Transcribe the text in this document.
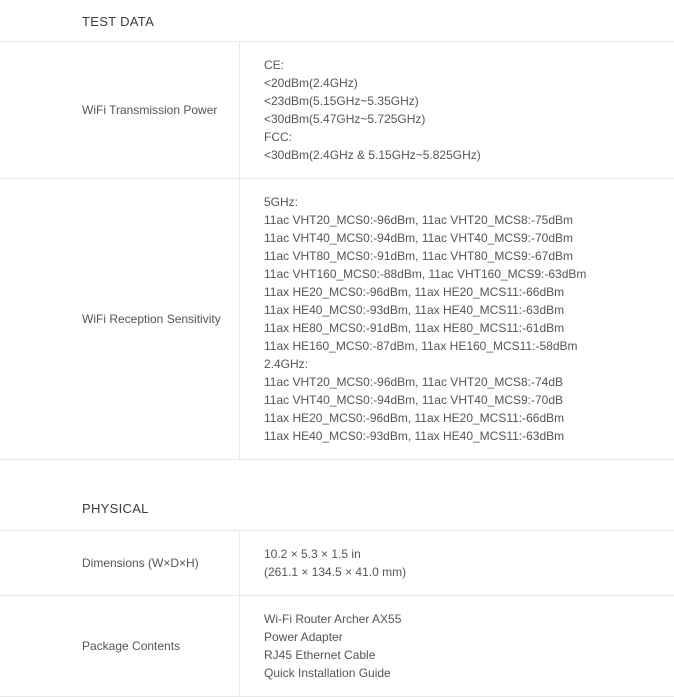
TEST DATA
WiFi Transmission Power
CE:
<20dBm(2.4GHz)
<23dBm(5.15GHz~5.35GHz)
<30dBm(5.47GHz~5.725GHz)
FCC:
<30dBm(2.4GHz & 5.15GHz~5.825GHz)
WiFi Reception Sensitivity
5GHz:
11ac VHT20_MCS0:-96dBm, 11ac VHT20_MCS8:-75dBm
11ac VHT40_MCS0:-94dBm, 11ac VHT40_MCS9:-70dBm
11ac VHT80_MCS0:-91dBm, 11ac VHT80_MCS9:-67dBm
11ac VHT160_MCS0:-88dBm, 11ac VHT160_MCS9:-63dBm
11ax HE20_MCS0:-96dBm, 11ax HE20_MCS11:-66dBm
11ax HE40_MCS0:-93dBm, 11ax HE40_MCS11:-63dBm
11ax HE80_MCS0:-91dBm, 11ax HE80_MCS11:-61dBm
11ax HE160_MCS0:-87dBm, 11ax HE160_MCS11:-58dBm
2.4GHz:
11ac VHT20_MCS0:-96dBm, 11ac VHT20_MCS8:-74dB
11ac VHT40_MCS0:-94dBm, 11ac VHT40_MCS9:-70dB
11ax HE20_MCS0:-96dBm, 11ax HE20_MCS11:-66dBm
11ax HE40_MCS0:-93dBm, 11ax HE40_MCS11:-63dBm
PHYSICAL
Dimensions (W×D×H)
10.2 × 5.3 × 1.5 in
(261.1 × 134.5 × 41.0 mm)
Package Contents
Wi-Fi Router Archer AX55
Power Adapter
RJ45 Ethernet Cable
Quick Installation Guide
